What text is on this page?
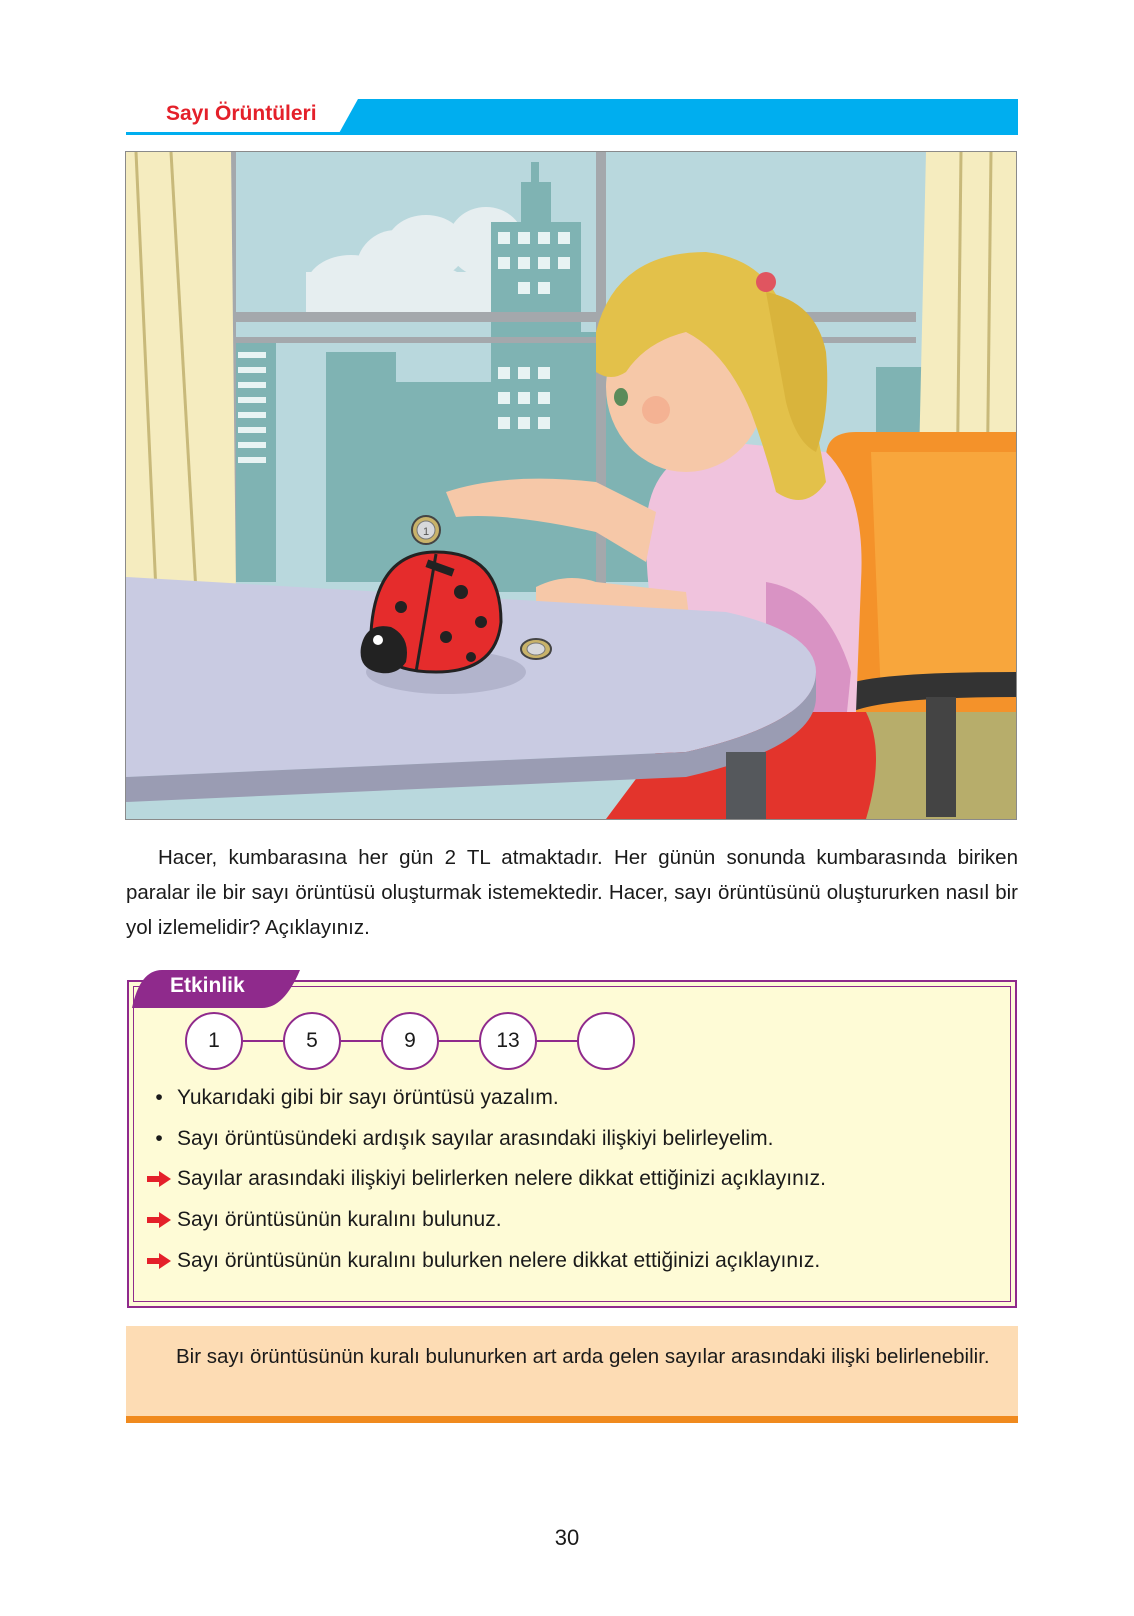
Sayı Örüntüleri
1
Hacer, kumbarasına her gün 2 TL atmaktadır. Her günün sonunda kumbarasında biriken paralar ile bir sayı örüntüsü oluşturmak istemektedir. Hacer, sayı örüntüsünü oluştururken nasıl bir yol izlemelidir? Açıklayınız.
1	5	9	13
• Yukarıdaki gibi bir sayı örüntüsü yazalım.
• Sayı örüntüsündeki ardışık sayılar arasındaki ilişkiyi belirleyelim.
Sayılar arasındaki ilişkiyi belirlerken nelere dikkat ettiğinizi açıklayınız.
Sayı örüntüsünün kuralını bulunuz.
Sayı örüntüsünün kuralını bulurken nelere dikkat ettiğinizi açıklayınız.
Etkinlik
Bir sayı örüntüsünün kuralı bulunurken art arda gelen sayılar arasındaki ilişki belirlenebilir.
30
